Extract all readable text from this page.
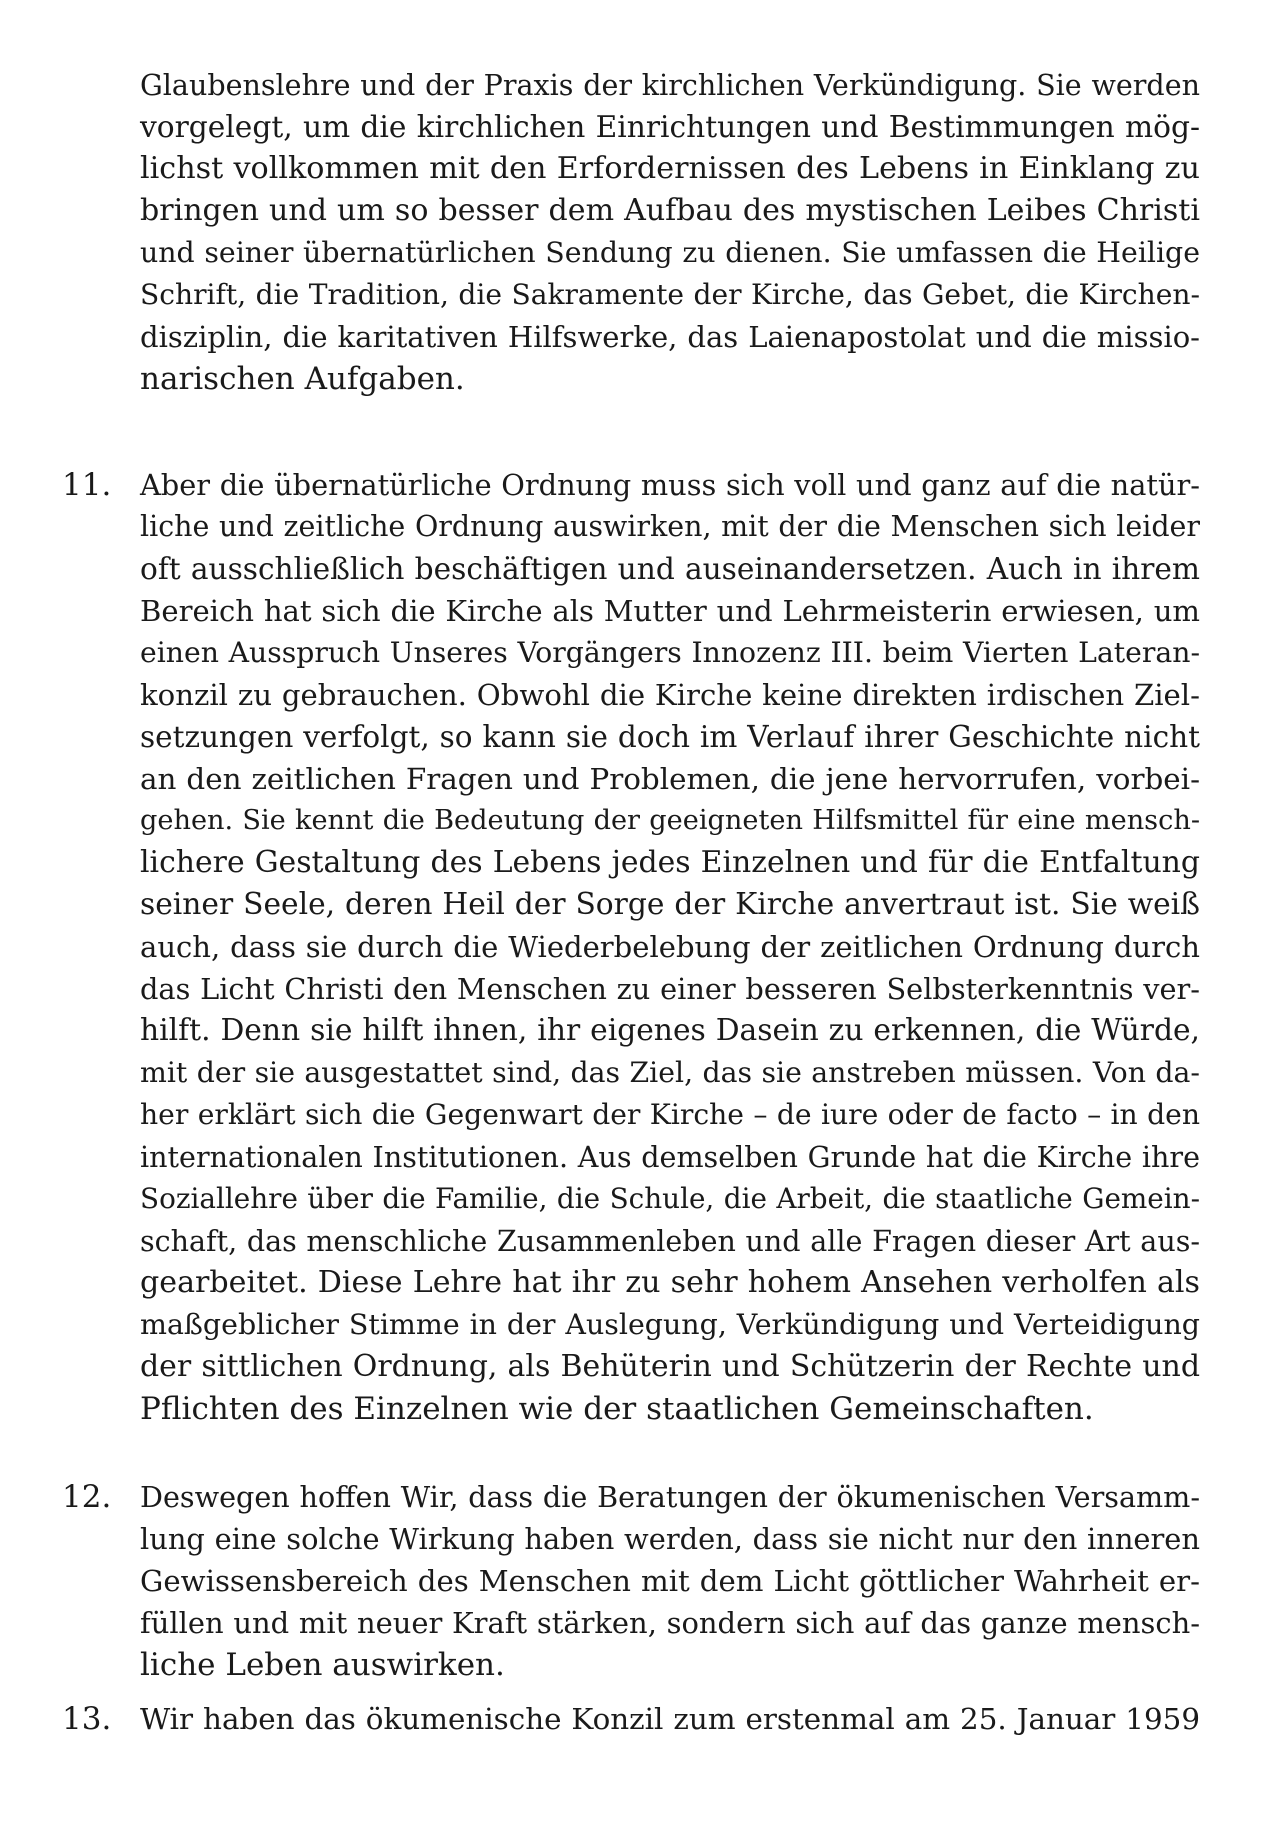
Glaubenslehre und der Praxis der kirchlichen Verkündigung. Sie werden
vorgelegt, um die kirchlichen Einrichtungen und Bestimmungen mög-
lichst vollkommen mit den Erfordernissen des Lebens in Einklang zu
bringen und um so besser dem Aufbau des mystischen Leibes Christi
und seiner übernatürlichen Sendung zu dienen. Sie umfassen die Heilige
Schrift, die Tradition, die Sakramente der Kirche, das Gebet, die Kirchen-
disziplin, die karitativen Hilfswerke, das Laienapostolat und die missio-
narischen Aufgaben.
11. Aber die übernatürliche Ordnung muss sich voll und ganz auf die natür-
liche und zeitliche Ordnung auswirken, mit der die Menschen sich leider
oft ausschließlich beschäftigen und auseinandersetzen. Auch in ihrem
Bereich hat sich die Kirche als Mutter und Lehrmeisterin erwiesen, um
einen Ausspruch Unseres Vorgängers Innozenz III. beim Vierten Lateran-
konzil zu gebrauchen. Obwohl die Kirche keine direkten irdischen Ziel-
setzungen verfolgt, so kann sie doch im Verlauf ihrer Geschichte nicht
an den zeitlichen Fragen und Problemen, die jene hervorrufen, vorbei-
gehen. Sie kennt die Bedeutung der geeigneten Hilfsmittel für eine mensch-
lichere Gestaltung des Lebens jedes Einzelnen und für die Entfaltung
seiner Seele, deren Heil der Sorge der Kirche anvertraut ist. Sie weiß
auch, dass sie durch die Wiederbelebung der zeitlichen Ordnung durch
das Licht Christi den Menschen zu einer besseren Selbsterkenntnis ver-
hilft. Denn sie hilft ihnen, ihr eigenes Dasein zu erkennen, die Würde,
mit der sie ausgestattet sind, das Ziel, das sie anstreben müssen. Von da-
her erklärt sich die Gegenwart der Kirche – de iure oder de facto – in den
internationalen Institutionen. Aus demselben Grunde hat die Kirche ihre
Soziallehre über die Familie, die Schule, die Arbeit, die staatliche Gemein-
schaft, das menschliche Zusammenleben und alle Fragen dieser Art aus-
gearbeitet. Diese Lehre hat ihr zu sehr hohem Ansehen verholfen als
maßgeblicher Stimme in der Auslegung, Verkündigung und Verteidigung
der sittlichen Ordnung, als Behüterin und Schützerin der Rechte und
Pflichten des Einzelnen wie der staatlichen Gemeinschaften.
12.	Deswegen hoffen Wir, dass die Beratungen der ökumenischen Versamm-
lung eine solche Wirkung haben werden, dass sie nicht nur den inneren
Gewissensbereich des Menschen mit dem Licht göttlicher Wahrheit er-
füllen und mit neuer Kraft stärken, sondern sich auf das ganze mensch-
liche Leben auswirken.
13. Wir haben das ökumenische Konzil zum erstenmal am 25. Januar 1959
